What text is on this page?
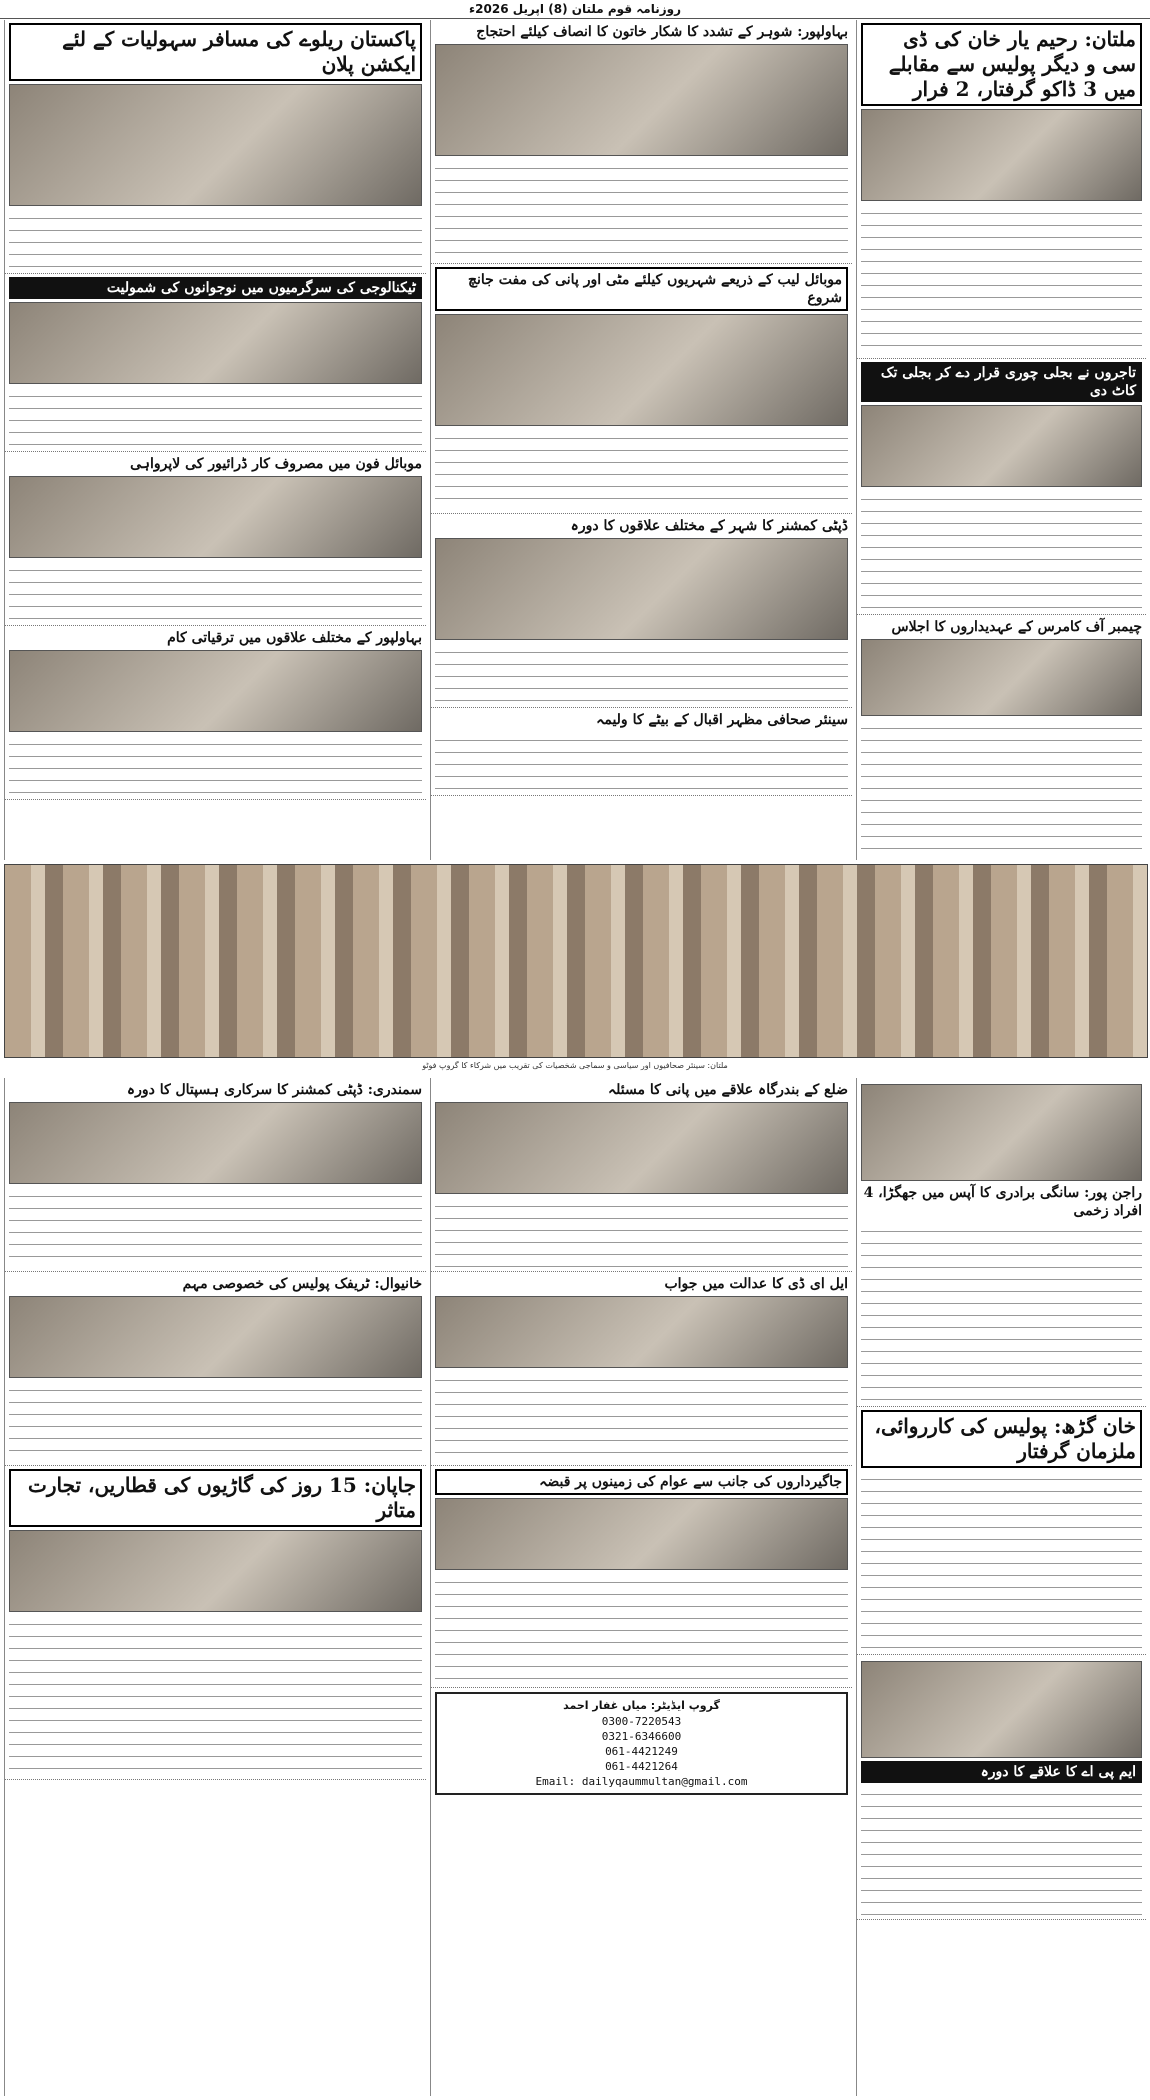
روزنامہ قوم ملتان (8) اپریل 2026ء
ملتان: رحیم یار خان کی ڈی سی و دیگر پولیس سے مقابلے میں 3 ڈاکو گرفتار، 2 فرار
تاجروں نے بجلی چوری قرار دے کر بجلی تک کاٹ دی
چیمبر آف کامرس کے عہدیداروں کا اجلاس
بہاولپور: شوہر کے تشدد کا شکار خاتون کا انصاف کیلئے احتجاج
موبائل لیب کے ذریعے شہریوں کیلئے مٹی اور پانی کی مفت جانچ شروع
ڈپٹی کمشنر کا شہر کے مختلف علاقوں کا دورہ
سینئر صحافی مظہر اقبال کے بیٹے کا ولیمہ
پاکستان ریلوے کی مسافر سہولیات کے لئے ایکشن پلان
ٹیکنالوجی کی سرگرمیوں میں نوجوانوں کی شمولیت
موبائل فون میں مصروف کار ڈرائیور کی لاپرواہی
بہاولپور کے مختلف علاقوں میں ترقیاتی کام
ملتان: سینئر صحافیوں اور سیاسی و سماجی شخصیات کی تقریب میں شرکاء کا گروپ فوٹو
راجن پور: سانگی برادری کا آپس میں جھگڑا، 4 افراد زخمی
خان گڑھ: پولیس کی کارروائی، ملزمان گرفتار
ایم پی اے کا علاقے کا دورہ
ضلع کے بندرگاہ علاقے میں پانی کا مسئلہ
ایل ای ڈی کا عدالت میں جواب
جاگیرداروں کی جانب سے عوام کی زمینوں پر قبضہ
گروپ ایڈیٹر: میاں غفار احمد
0300-7220543
0321-6346600
061-4421249
061-4421264
Email: dailyqaummultan@gmail.com
سمندری: ڈپٹی کمشنر کا سرکاری ہسپتال کا دورہ
خانیوال: ٹریفک پولیس کی خصوصی مہم
جاپان: 15 روز کی گاڑیوں کی قطاریں، تجارت متاثر
